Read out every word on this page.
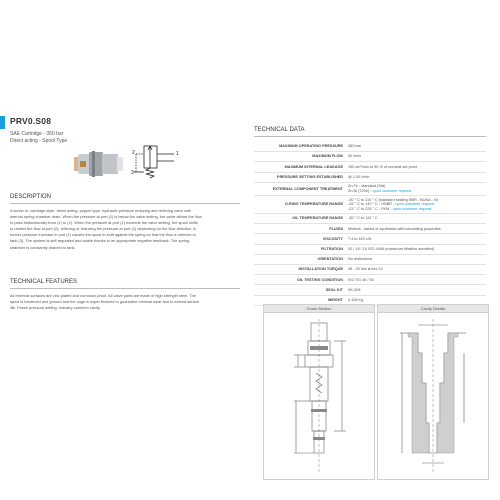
PRV0.S08
SAE Cartridge - 350 bar
Direct acting - Spool Type
1
2
3
DESCRIPTION
A screw-in, cartridge style, direct acting, poppet type, hydraulic pressure reducing and relieving valve with
internal spring chamber drain. When the pressure at port (1) is below the valve setting, the valve allows the flow
to pass bidirectionally from (1) to (2). When the pressure at port (1) exceeds the valve setting, the spool shifts
to restrict the flow at port (2), relieving or reducing the pressure at port (1) depending on the flow direction. A
further pressure increase in port (1) causes the spool to shift against the spring so that the flow is relieved to
tank (3). The system is self-regulated and stable thanks to an appropriate negative feedback. The spring
chamber is constantly drained to tank.
TECHNICAL FEATURES
All external surfaces are zinc plated and corrosion-proof. All valve parts are made of high strength steel. The
spool is hardened and ground and the cage is super-finished to guarantee minimal wear and to extend service
life. Poses pressure setting. Industry common cavity.
TECHNICAL DATA
MAXIMUM OPERATING PRESSURE	350 bar
MAXIMUM FLOW	30 l/min
MAXIMUM INTERNAL LEAKAGE	150 cm³/min to 90 % of nominal set point
PRESSURE SETTING ESTABLISHED	@ 1.00 l/min
EXTERNAL COMPONENT TREATMENT
Zn.Fe - standard (Std)
Zn.Ni (720h) - upon customer request
O-RING TEMPERATURE RANGE
-30 ° C to 110 ° C (standard sealing NBR - BUNA - N)
-25 ° C to 140 ° C - HNBR - upon customer request
-23 ° C to 225 ° C - FKM - upon customer request
OIL TEMPERATURE RANGE	-30 ° C to 110 ° C
FLUIDS	Mineral - based or synthetics with lubricating properties
VISCOSITY	7.4 to 420 cSt
FILTRATION	20 / 18 / 15 ISO 4406 (maximum filtration admitted)
ORIENTATION	No restrictions
INSTALLATION TORQUE	45 - 50 Nm ⌀ hex 24
OIL TESTING CONDITION	ISO VG 46 / 50
SEAL KIT	SK.008
WEIGHT	0.108 Kg
Cross Section	Cavity Details
